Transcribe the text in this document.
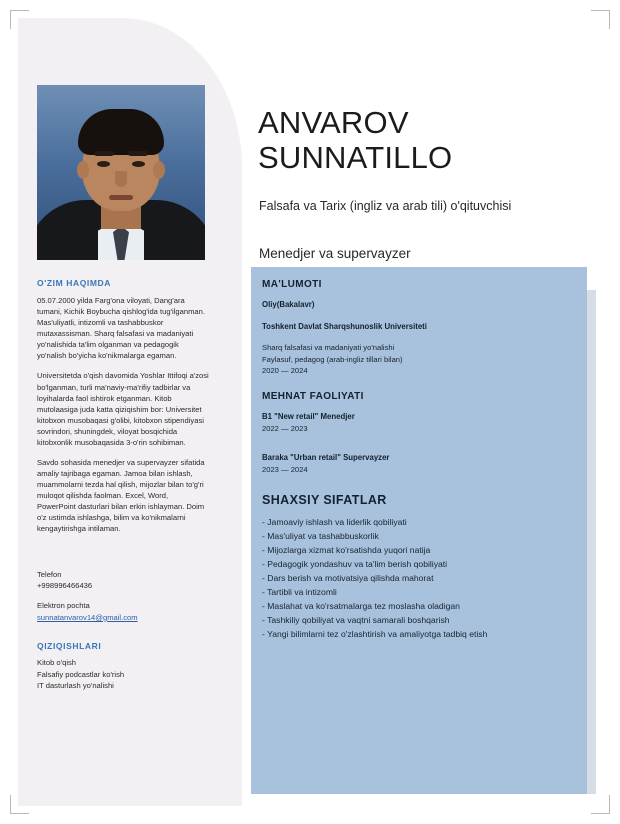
O'ZIM HAQIMDA

05.07.2000 yilda Farg'ona viloyati, Dang'ara tumani, Kichik Boybucha qishlog'ida tug'ilganman. Mas'uliyatli, intizomli va tashabbuskor mutaxassisman. Sharq falsafasi va madaniyati yo'nalishida ta'lim olganman va pedagogik yo'nalish bo'yicha ko'nikmalarga egaman.

Universitetda o'qish davomida Yoshlar Ittifoqi a'zosi bo'lganman, turli ma'naviy-ma'rifiy tadbirlar va loyihalarda faol ishtirok etganman. Kitob mutolaasiga juda katta qiziqishim bor: Universitet kitobxon musobaqasi g'olibi, kitobxon stipendiyasi sovrindori, shuningdek, viloyat bosqichida kitobxonlik musobaqasida 3-o'rin sohibiman.

Savdo sohasida menedjer va supervayzer sifatida amaliy tajribaga egaman. Jamoa bilan ishlash, muammolarni tezda hal qilish, mijozlar bilan to'g'ri muloqot qilishda faolman. Excel, Word, PowerPoint dasturlari bilan erkin ishlayman. Doim o'z ustimda ishlashga, bilim va ko'nikmalarni kengaytirishga intilaman.

Telefon

+998996466436

Elektron pochta

sunnatanvarov14@gmail.com

QIZIQISHLARI

Kitob o'qish

Falsafiy podcastlar ko'rish

IT dasturlash yo'nalishi

ANVAROV
SUNNATILLO

Falsafa va Tarix (ingliz va arab tili) o'qituvchisi

Menedjer va supervayzer

MA'LUMOTI

Oliy(Bakalavr)

Toshkent Davlat Sharqshunoslik Universiteti

Sharq falsafasi va madaniyati yo'nalishi

Faylasuf, pedagog (arab-ingliz tillari bilan)

2020 — 2024

MEHNAT FAOLIYATI

B1 "New retail" Menedjer

2022 — 2023

Baraka "Urban retail" Supervayzer

2023 — 2024

SHAXSIY SIFATLAR

- Jamoaviy ishlash va liderlik qobiliyati
- Mas'uliyat va tashabbuskorlik
- Mijozlarga xizmat ko'rsatishda yuqori natija
- Pedagogik yondashuv va ta'lim berish qobiliyati
- Dars berish va motivatsiya qilishda mahorat
- Tartibli va intizomli
- Maslahat va ko'rsatmalarga tez moslasha oladigan
- Tashkiliy qobiliyat va vaqtni samarali boshqarish
- Yangi bilimlarni tez o'zlashtirish va amaliyotga tadbiq etish
